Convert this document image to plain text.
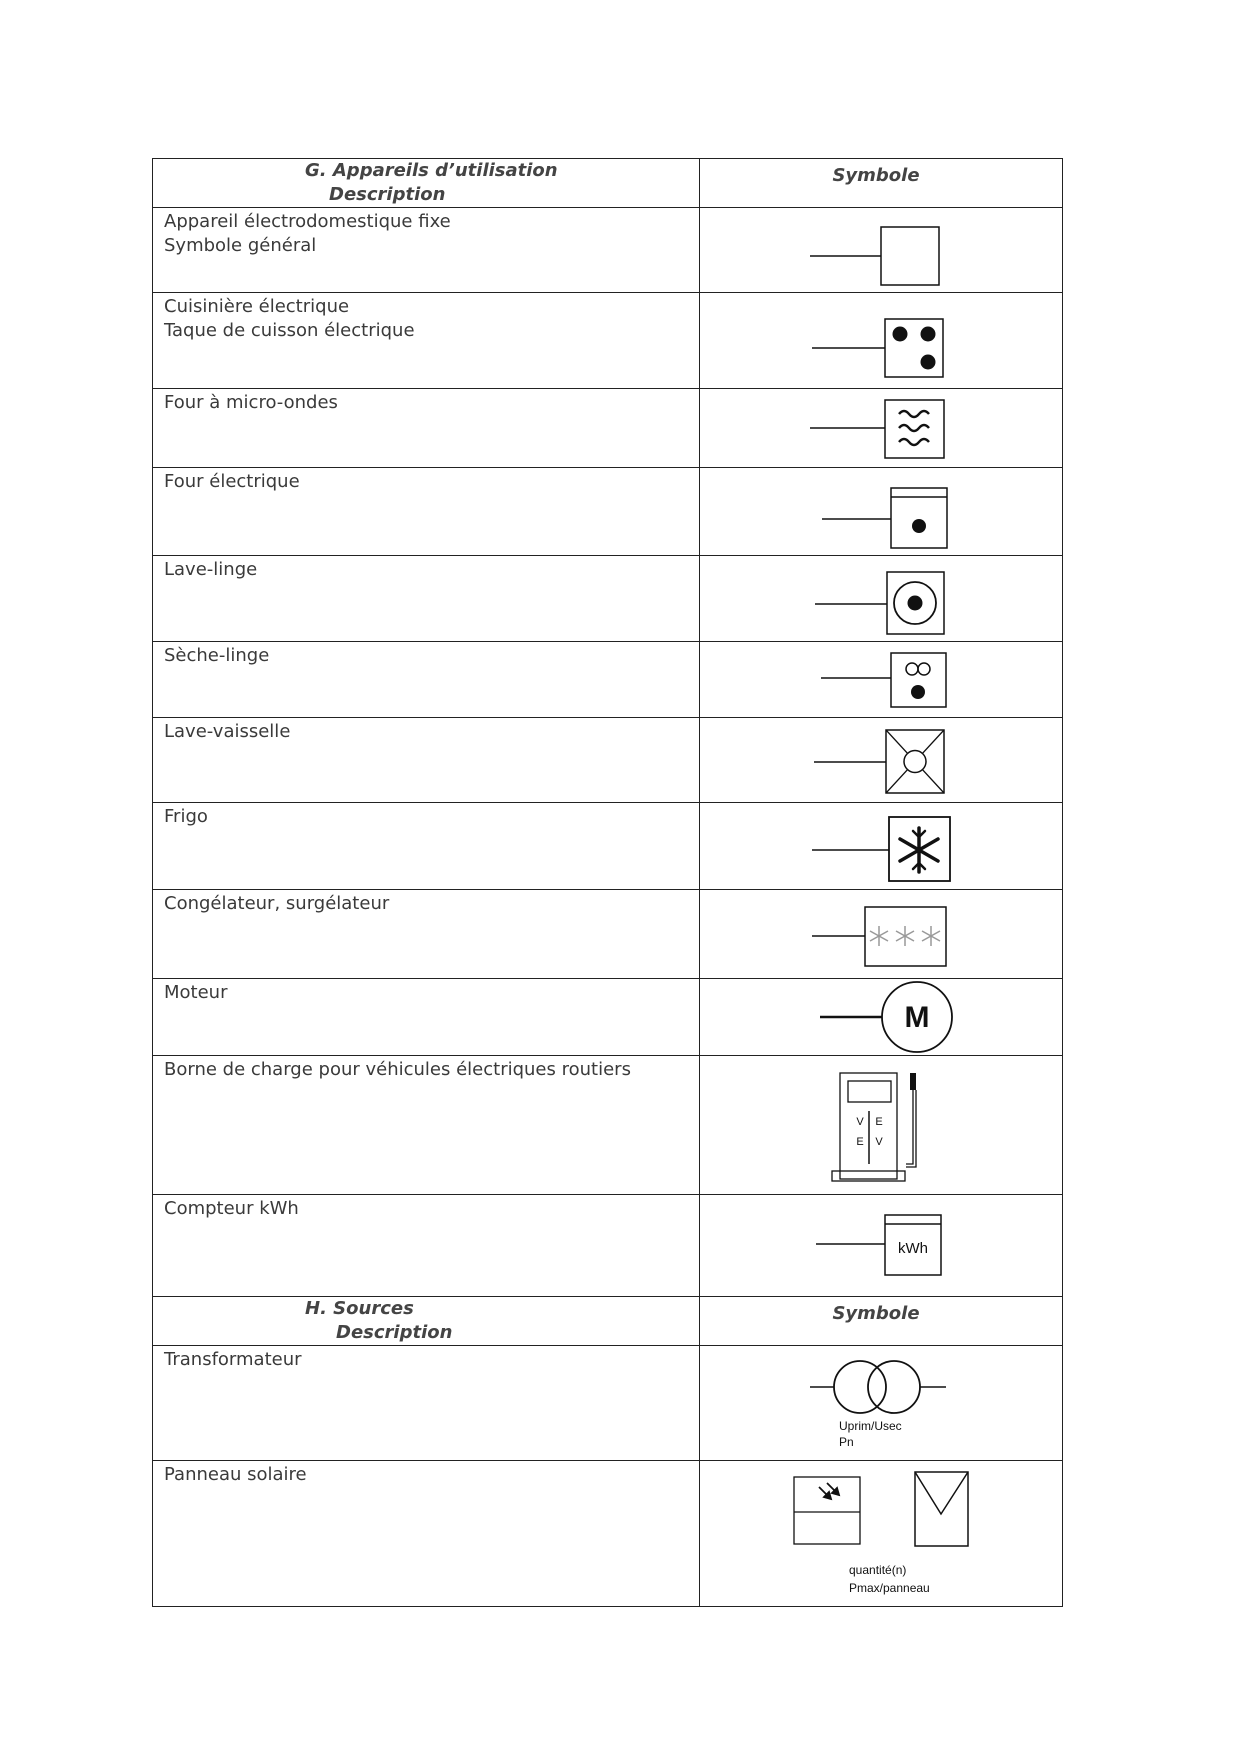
G. Appareils d’utilisation
Description	Symbole

Appareil électrodomestique fixe
Symbole général

Cuisinière électrique
Taque de cuisson électrique

Four à micro-ondes

Four électrique

Lave-linge

Sèche-linge

Lave-vaisselle

Frigo

Congélateur, surgélateur

Moteur	M

Borne de charge pour véhicules électriques routiers	V E
E V

Compteur kWh	kWh

H. Sources
Description	Symbole

Transformateur	Uprim/Usec
Pn

Panneau solaire	quantité(n)
Pmax/panneau
